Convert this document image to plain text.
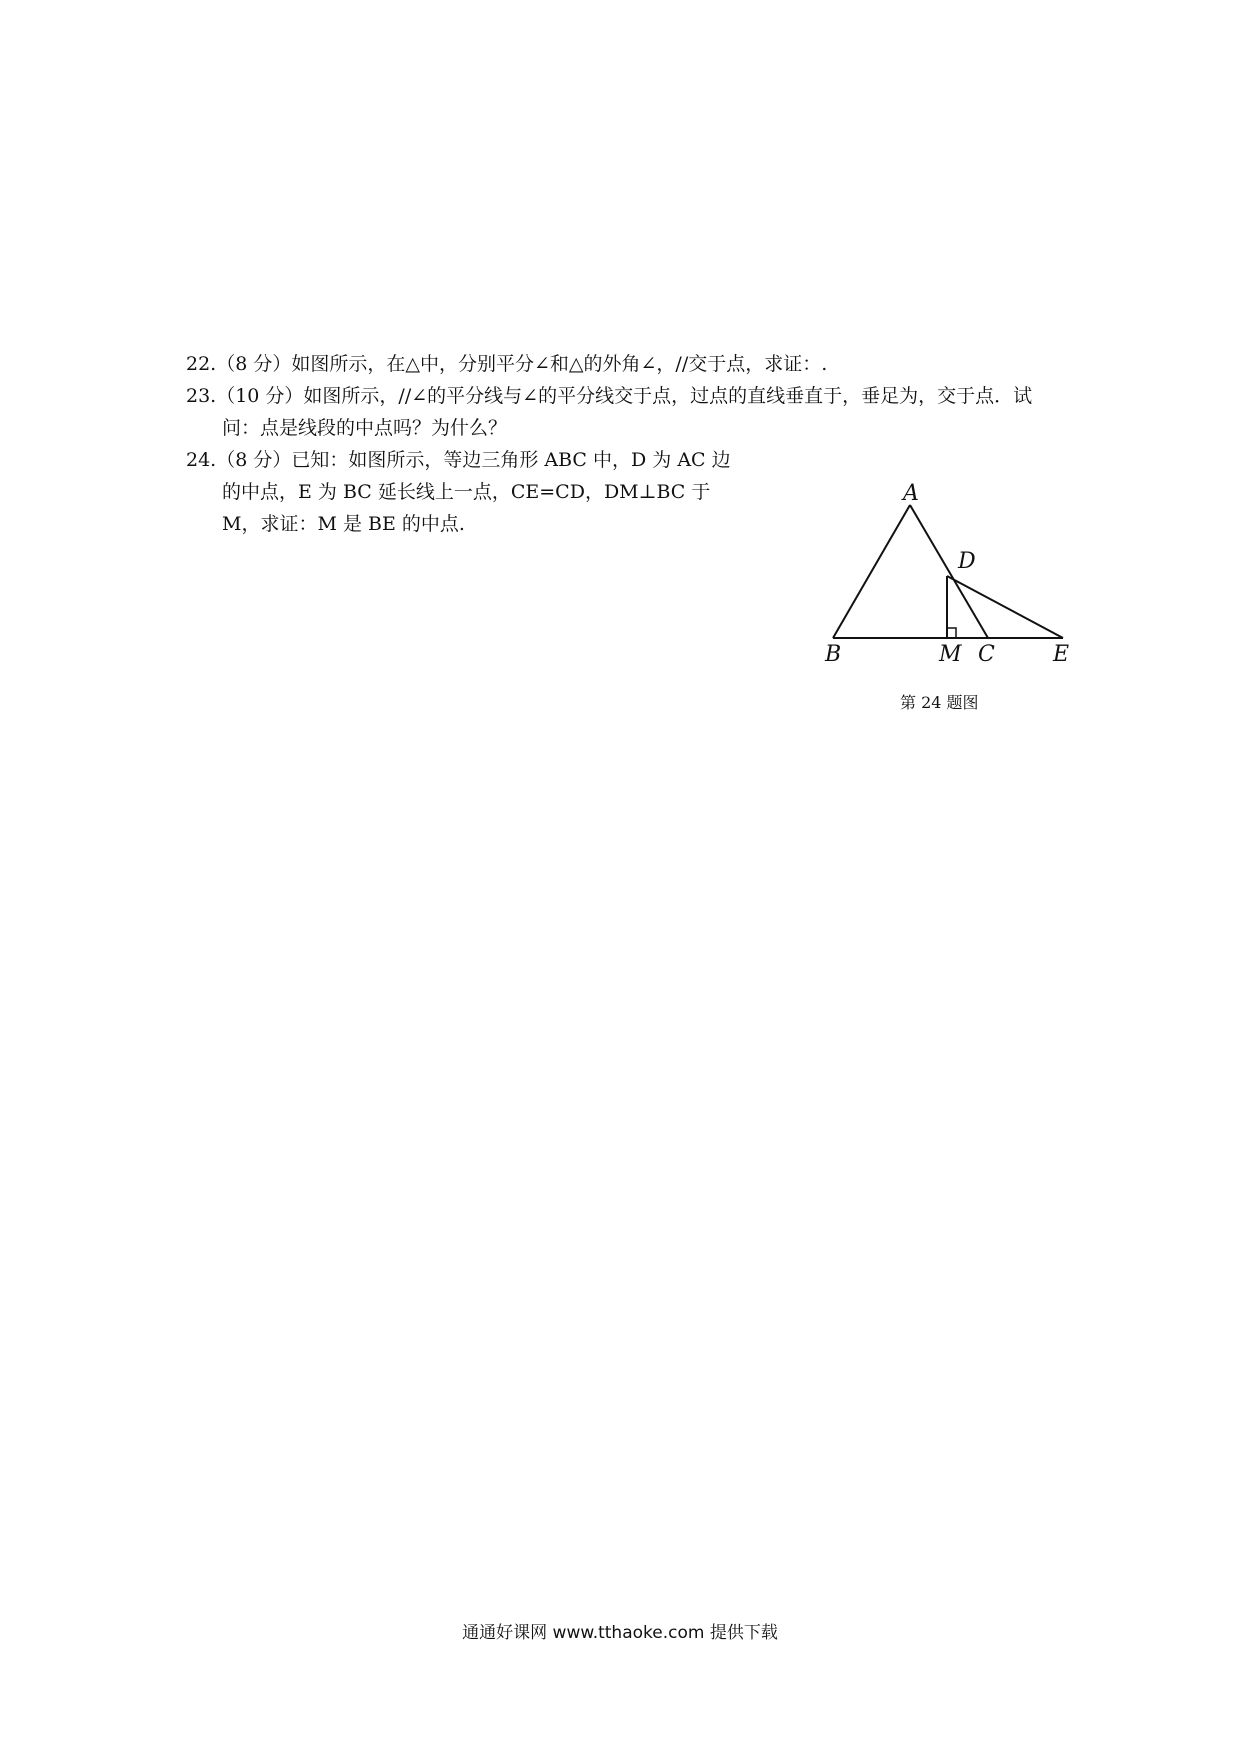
22.（8 分）如图所示，在△中，分别平分∠和△的外角∠，//交于点，求证：.

23.（10 分）如图所示，//∠的平分线与∠的平分线交于点，过点的直线垂直于，垂足为，交于点．试问：点是线段的中点吗？为什么？

24.（8 分）已知：如图所示，等边三角形 ABC 中，D 为 AC 边的中点，E 为 BC 延长线上一点，CE=CD，DM⊥BC 于 M，求证：M 是 BE 的中点.

A
D
B	M C	E
第 24 题图
通通好课网 www.tthaoke.com 提供下载
